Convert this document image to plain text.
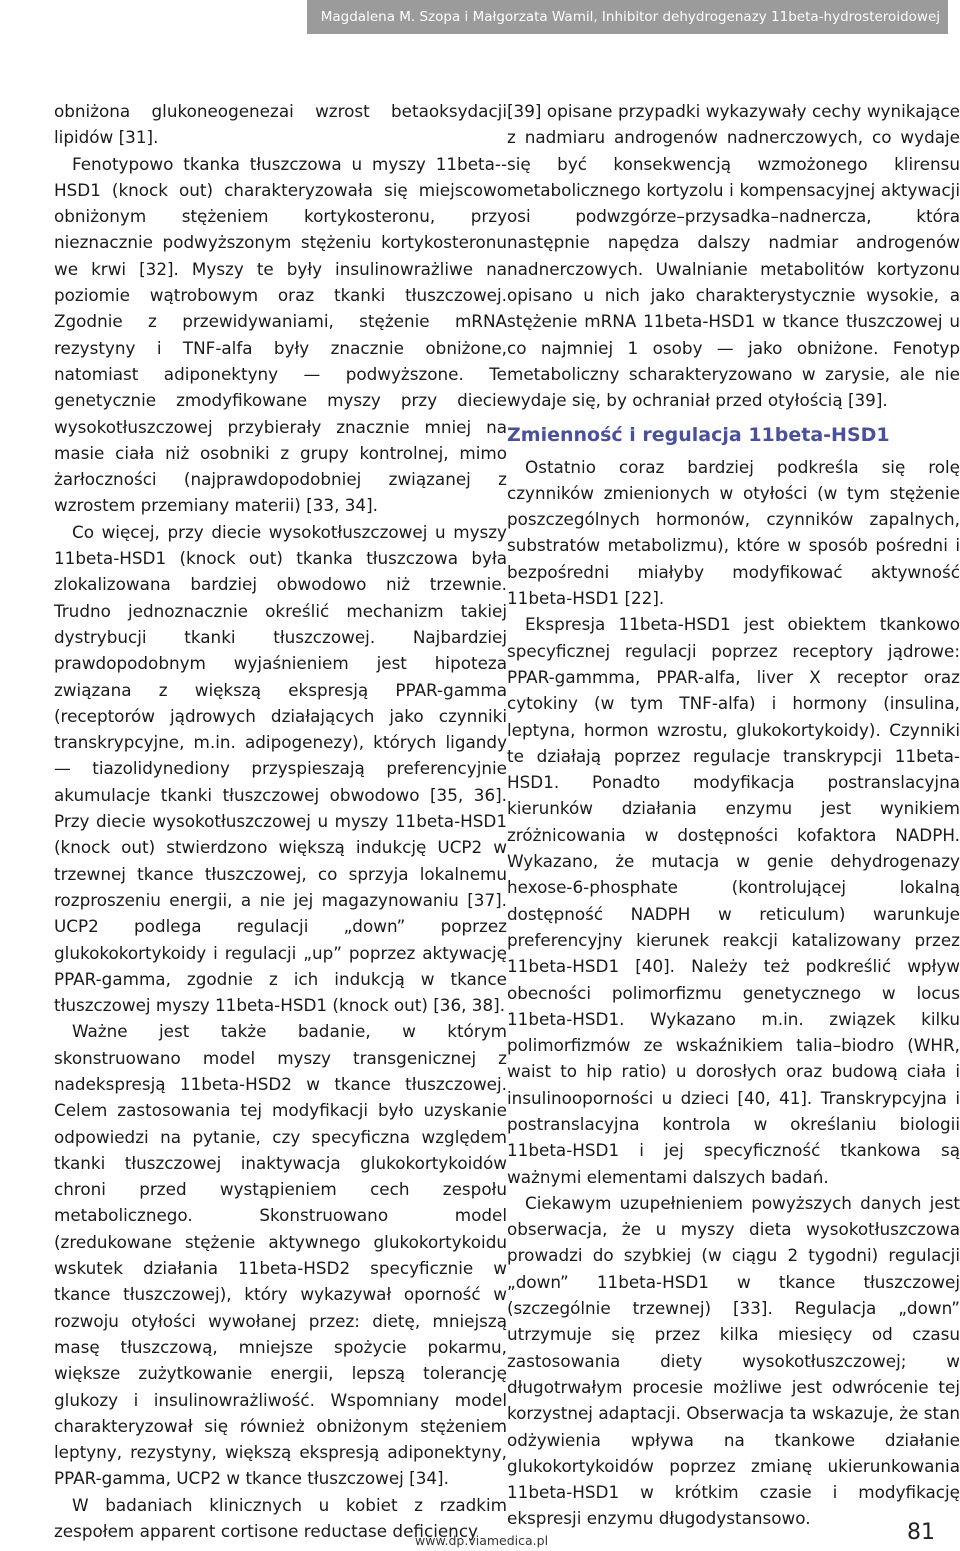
Magdalena M. Szopa i Małgorzata Wamil, Inhibitor dehydrogenazy 11beta-hydrosteroidowej

obniżona glukoneogenezai wzrost betaoksydacji lipidów [31].

Fenotypowo tkanka tłuszczowa u myszy 11beta--HSD1 (knock out) charakteryzowała się miejscowo obniżonym stężeniem kortykosteronu, przy nieznacznie podwyższonym stężeniu kortykosteronu we krwi [32]. Myszy te były insulinowrażliwe na poziomie wątrobowym oraz tkanki tłuszczowej. Zgodnie z przewidywaniami, stężenie mRNA rezystyny i TNF-alfa były znacznie obniżone, natomiast adiponektyny — podwyższone. Te genetycznie zmodyfikowane myszy przy diecie wysokotłuszczowej przybierały znacznie mniej na masie ciała niż osobniki z grupy kontrolnej, mimo żarłoczności (najprawdopodobniej związanej z wzrostem przemiany materii) [33, 34].

Co więcej, przy diecie wysokotłuszczowej u myszy 11beta-HSD1 (knock out) tkanka tłuszczowa była zlokalizowana bardziej obwodowo niż trzewnie. Trudno jednoznacznie określić mechanizm takiej dystrybucji tkanki tłuszczowej. Najbardziej prawdopodobnym wyjaśnieniem jest hipoteza związana z większą ekspresją PPAR-gamma (receptorów jądrowych działających jako czynniki transkrypcyjne, m.in. adipogenezy), których ligandy — tiazolidynediony przyspieszają preferencyjnie akumulacje tkanki tłuszczowej obwodowo [35, 36]. Przy diecie wysokotłuszczowej u myszy 11beta-HSD1 (knock out) stwierdzono większą indukcję UCP2 w trzewnej tkance tłuszczowej, co sprzyja lokalnemu rozproszeniu energii, a nie jej magazynowaniu [37]. UCP2 podlega regulacji „down” poprzez glukokokortykoidy i regulacji „up” poprzez aktywację PPAR-gamma, zgodnie z ich indukcją w tkance tłuszczowej myszy 11beta-HSD1 (knock out) [36, 38].

Ważne jest także badanie, w którym skonstruowano model myszy transgenicznej z nadekspresją 11beta-HSD2 w tkance tłuszczowej. Celem zastosowania tej modyfikacji było uzyskanie odpowiedzi na pytanie, czy specyficzna względem tkanki tłuszczowej inaktywacja glukokortykoidów chroni przed wystąpieniem cech zespołu metabolicznego. Skonstruowano model (zredukowane stężenie aktywnego glukokortykoidu wskutek działania 11beta-HSD2 specyficznie w tkance tłuszczowej), który wykazywał oporność w rozwoju otyłości wywołanej przez: dietę, mniejszą masę tłuszczową, mniejsze spożycie pokarmu, większe zużytkowanie energii, lepszą tolerancję glukozy i insulinowrażliwość. Wspomniany model charakteryzował się również obniżonym stężeniem leptyny, rezystyny, większą ekspresją adiponektyny, PPAR-gamma, UCP2 w tkance tłuszczowej [34].

W badaniach klinicznych u kobiet z rzadkim zespołem apparent cortisone reductase deficiency

[39] opisane przypadki wykazywały cechy wynikające z nadmiaru androgenów nadnerczowych, co wydaje się być konsekwencją wzmożonego klirensu metabolicznego kortyzolu i kompensacyjnej aktywacji osi podwzgórze–przysadka–nadnercza, która następnie napędza dalszy nadmiar androgenów nadnerczowych. Uwalnianie metabolitów kortyzonu opisano u nich jako charakterystycznie wysokie, a stężenie mRNA 11beta-HSD1 w tkance tłuszczowej u co najmniej 1 osoby — jako obniżone. Fenotyp metaboliczny scharakteryzowano w zarysie, ale nie wydaje się, by ochraniał przed otyłością [39].

Zmienność i regulacja 11beta-HSD1

Ostatnio coraz bardziej podkreśla się rolę czynników zmienionych w otyłości (w tym stężenie poszczególnych hormonów, czynników zapalnych, substratów metabolizmu), które w sposób pośredni i bezpośredni miałyby modyfikować aktywność 11beta-HSD1 [22].

Ekspresja 11beta-HSD1 jest obiektem tkankowo specyficznej regulacji poprzez receptory jądrowe: PPAR-gammma, PPAR-alfa, liver X receptor oraz cytokiny (w tym TNF-alfa) i hormony (insulina, leptyna, hormon wzrostu, glukokortykoidy). Czynniki te działają poprzez regulacje transkrypcji 11beta-HSD1. Ponadto modyfikacja postranslacyjna kierunków działania enzymu jest wynikiem zróżnicowania w dostępności kofaktora NADPH. Wykazano, że mutacja w genie dehydrogenazy hexose-6-phosphate (kontrolującej lokalną dostępność NADPH w reticulum) warunkuje preferencyjny kierunek reakcji katalizowany przez 11beta-HSD1 [40]. Należy też podkreślić wpływ obecności polimorfizmu genetycznego w locus 11beta-HSD1. Wykazano m.in. związek kilku polimorfizmów ze wskaźnikiem talia–biodro (WHR, waist to hip ratio) u dorosłych oraz budową ciała i insulinooporności u dzieci [40, 41]. Transkrypcyjna i postranslacyjna kontrola w określaniu biologii 11beta-HSD1 i jej specyficzność tkankowa są ważnymi elementami dalszych badań.

Ciekawym uzupełnieniem powyższych danych jest obserwacja, że u myszy dieta wysokotłuszczowa prowadzi do szybkiej (w ciągu 2 tygodni) regulacji „down” 11beta-HSD1 w tkance tłuszczowej (szczególnie trzewnej) [33]. Regulacja „down” utrzymuje się przez kilka miesięcy od czasu zastosowania diety wysokotłuszczowej; w długotrwałym procesie możliwe jest odwrócenie tej korzystnej adaptacji. Obserwacja ta wskazuje, że stan odżywienia wpływa na tkankowe działanie glukokortykoidów poprzez zmianę ukierunkowania 11beta-HSD1 w krótkim czasie i modyfikację ekspresji enzymu długodystansowo.

www.dp.viamedica.pl	81
